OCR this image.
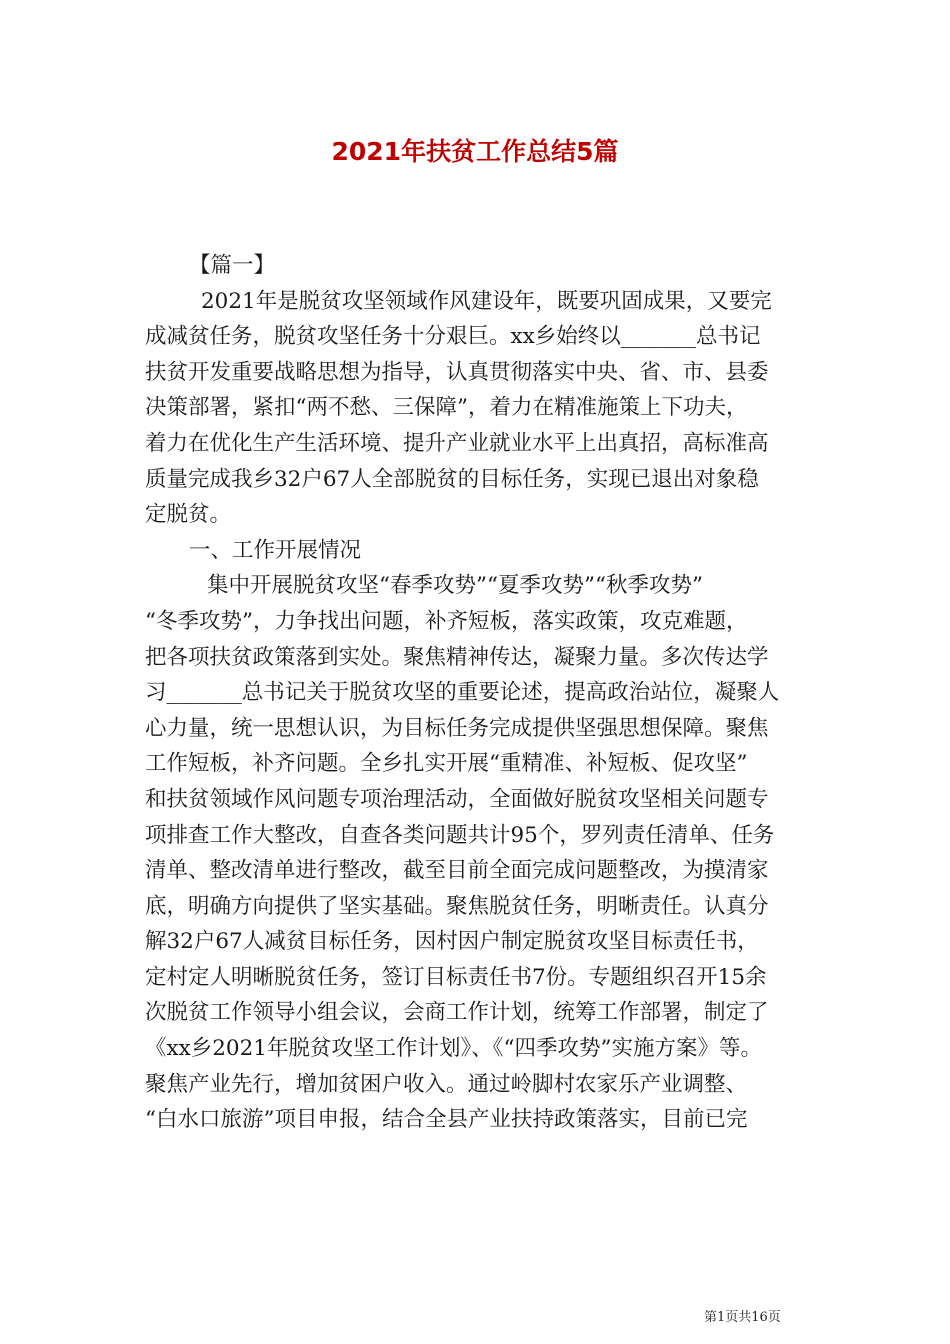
2021年扶贫工作总结5篇
【篇一】
2021年是脱贫攻坚领域作风建设年，既要巩固成果，又要完
成减贫任务，脱贫攻坚任务十分艰巨。xx乡始终以_______总书记
扶贫开发重要战略思想为指导，认真贯彻落实中央、省、市、县委
决策部署，紧扣“两不愁、三保障”，着力在精准施策上下功夫，
着力在优化生产生活环境、提升产业就业水平上出真招，高标准高
质量完成我乡32户67人全部脱贫的目标任务，实现已退出对象稳
定脱贫。
一、工作开展情况
集中开展脱贫攻坚“春季攻势”“夏季攻势”“秋季攻势”
“冬季攻势”，力争找出问题，补齐短板，落实政策，攻克难题，
把各项扶贫政策落到实处。聚焦精神传达，凝聚力量。多次传达学
习_______总书记关于脱贫攻坚的重要论述，提高政治站位，凝聚人
心力量，统一思想认识，为目标任务完成提供坚强思想保障。聚焦
工作短板，补齐问题。全乡扎实开展“重精准、补短板、促攻坚”
和扶贫领域作风问题专项治理活动，全面做好脱贫攻坚相关问题专
项排查工作大整改，自查各类问题共计95个，罗列责任清单、任务
清单、整改清单进行整改，截至目前全面完成问题整改，为摸清家
底，明确方向提供了坚实基础。聚焦脱贫任务，明晰责任。认真分
解32户67人减贫目标任务，因村因户制定脱贫攻坚目标责任书，
定村定人明晰脱贫任务，签订目标责任书7份。专题组织召开15余
次脱贫工作领导小组会议，会商工作计划，统筹工作部署，制定了
《xx乡2021年脱贫攻坚工作计划》、《“四季攻势”实施方案》等。
聚焦产业先行，增加贫困户收入。通过岭脚村农家乐产业调整、
“白水口旅游”项目申报，结合全县产业扶持政策落实，目前已完
第1页共16页
